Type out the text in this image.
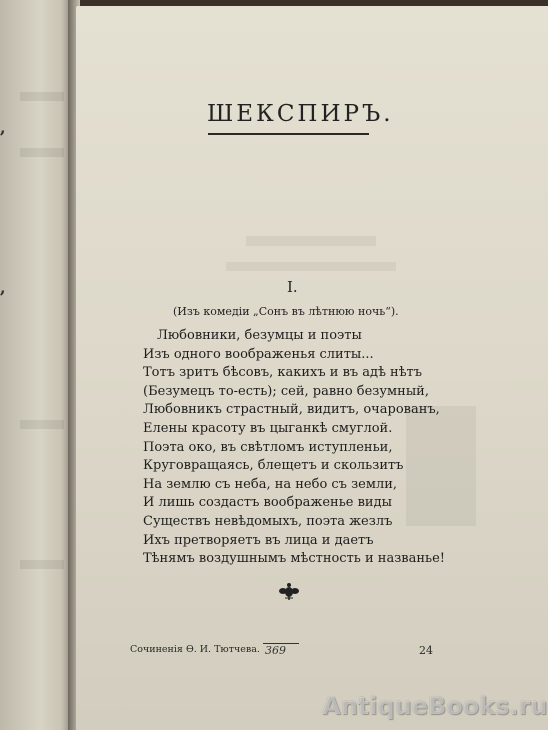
,
,
ШЕКСПИРЪ.
I.
(Изъ комедіи „Сонъ въ лѣтнюю ночь“).
Любовники, безумцы и поэты
Изъ одного воображенья слиты...
Тотъ зритъ бѣсовъ, какихъ и въ адѣ нѣтъ
(Безумецъ то-есть); сей, равно безумный,
Любовникъ страстный, видитъ, очарованъ,
Елены красоту въ цыганкѣ смуглой.
Поэта око, въ свѣтломъ иступленьи,
Круговращаясь, блещетъ и скользитъ
На землю съ неба, на небо съ земли,
И лишь создастъ воображенье виды
Существъ невѣдомыхъ, поэта жезлъ
Ихъ претворяетъ въ лица и даетъ
Тѣнямъ воздушнымъ мѣстность и названье!
Сочиненія Ѳ. И. Тютчева. 369	24
AntiqueBooks.ru
